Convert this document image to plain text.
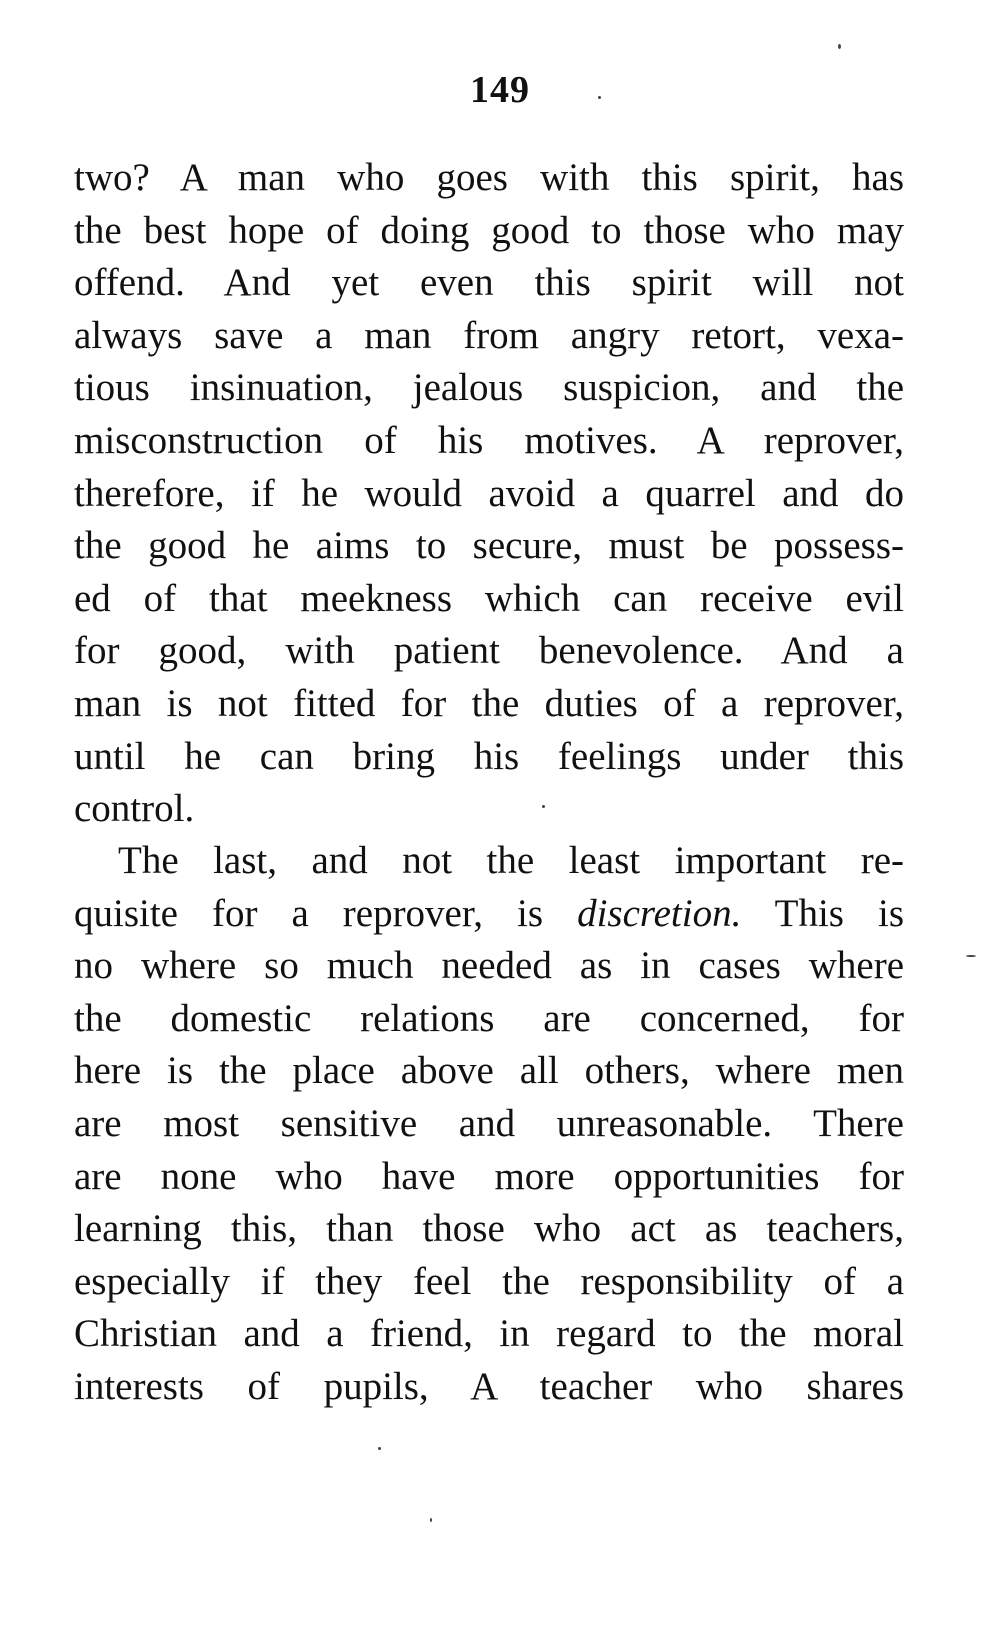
149
two? A man who goes with this spirit, has
the best hope of doing good to those who may
offend. And yet even this spirit will not
always save a man from angry retort, vexa-
tious insinuation, jealous suspicion, and the
misconstruction of his motives. A reprover,
therefore, if he would avoid a quarrel and do
the good he aims to secure, must be possess-
ed of that meekness which can receive evil
for good, with patient benevolence. And a
man is not fitted for the duties of a reprover,
until he can bring his feelings under this
control.
The last, and not the least important re-
quisite for a reprover, is discretion. This is
no where so much needed as in cases where
the domestic relations are concerned, for
here is the place above all others, where men
are most sensitive and unreasonable. There
are none who have more opportunities for
learning this, than those who act as teachers,
especially if they feel the responsibility of a
Christian and a friend, in regard to the moral
interests of pupils, A teacher who shares
